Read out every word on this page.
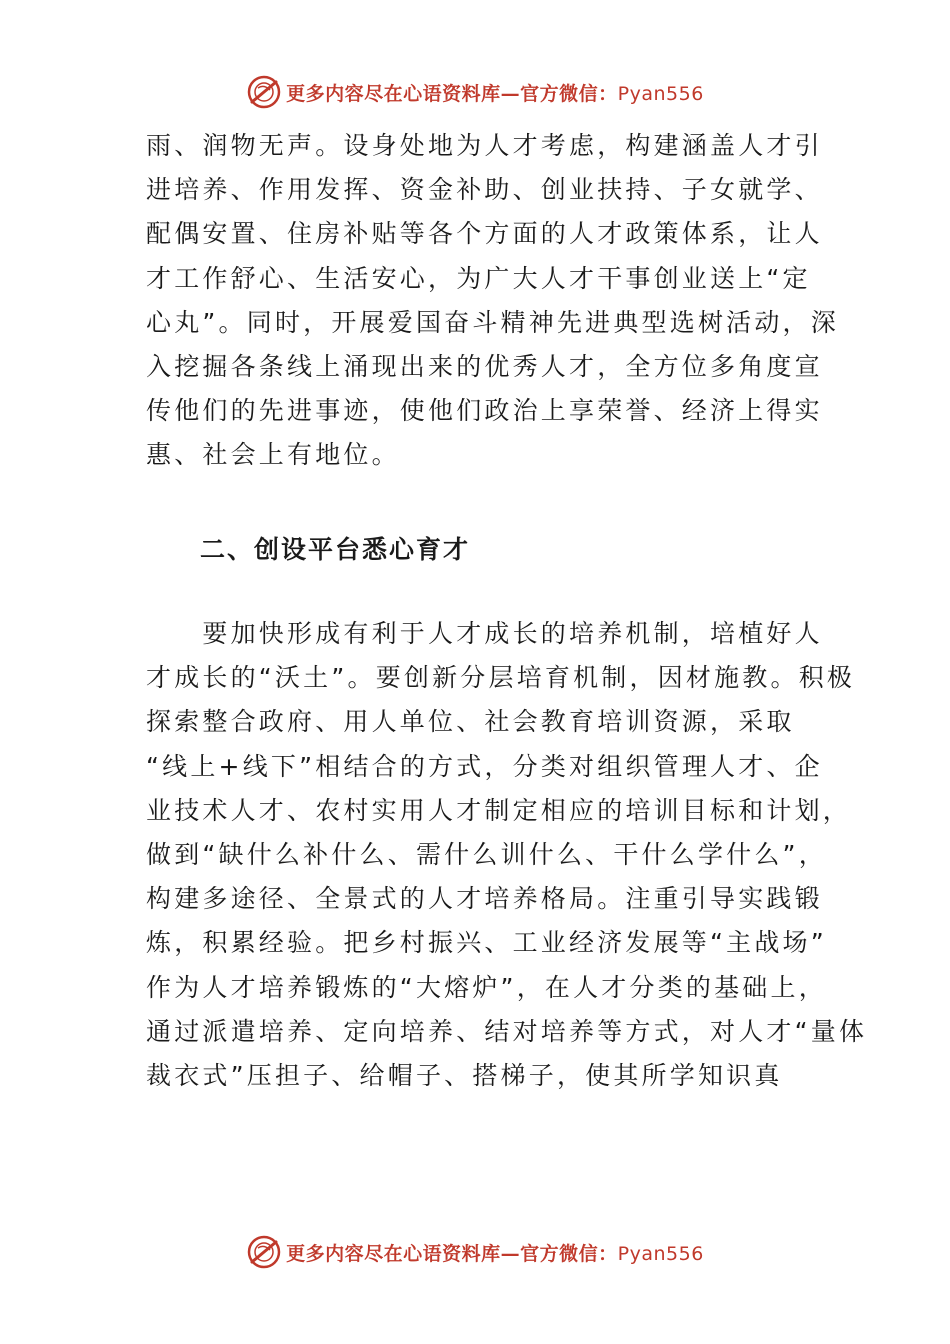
更多内容尽在心语资料库—官方微信：Pyan556
雨、润物无声。设身处地为人才考虑，构建涵盖人才引
进培养、作用发挥、资金补助、创业扶持、子女就学、
配偶安置、住房补贴等各个方面的人才政策体系，让人
才工作舒心、生活安心，为广大人才干事创业送上“定
心丸”。同时，开展爱国奋斗精神先进典型选树活动，深
入挖掘各条线上涌现出来的优秀人才，全方位多角度宣
传他们的先进事迹，使他们政治上享荣誉、经济上得实
惠、社会上有地位。
二、创设平台悉心育才
　　要加快形成有利于人才成长的培养机制，培植好人
才成长的“沃土”。要创新分层培育机制，因材施教。积极
探索整合政府、用人单位、社会教育培训资源，采取
“线上+线下”相结合的方式，分类对组织管理人才、企
业技术人才、农村实用人才制定相应的培训目标和计划，
做到“缺什么补什么、需什么训什么、干什么学什么”，
构建多途径、全景式的人才培养格局。注重引导实践锻
炼，积累经验。把乡村振兴、工业经济发展等“主战场”
作为人才培养锻炼的“大熔炉”，在人才分类的基础上，
通过派遣培养、定向培养、结对培养等方式，对人才“量体
裁衣式”压担子、给帽子、搭梯子，使其所学知识真
更多内容尽在心语资料库—官方微信：Pyan556
